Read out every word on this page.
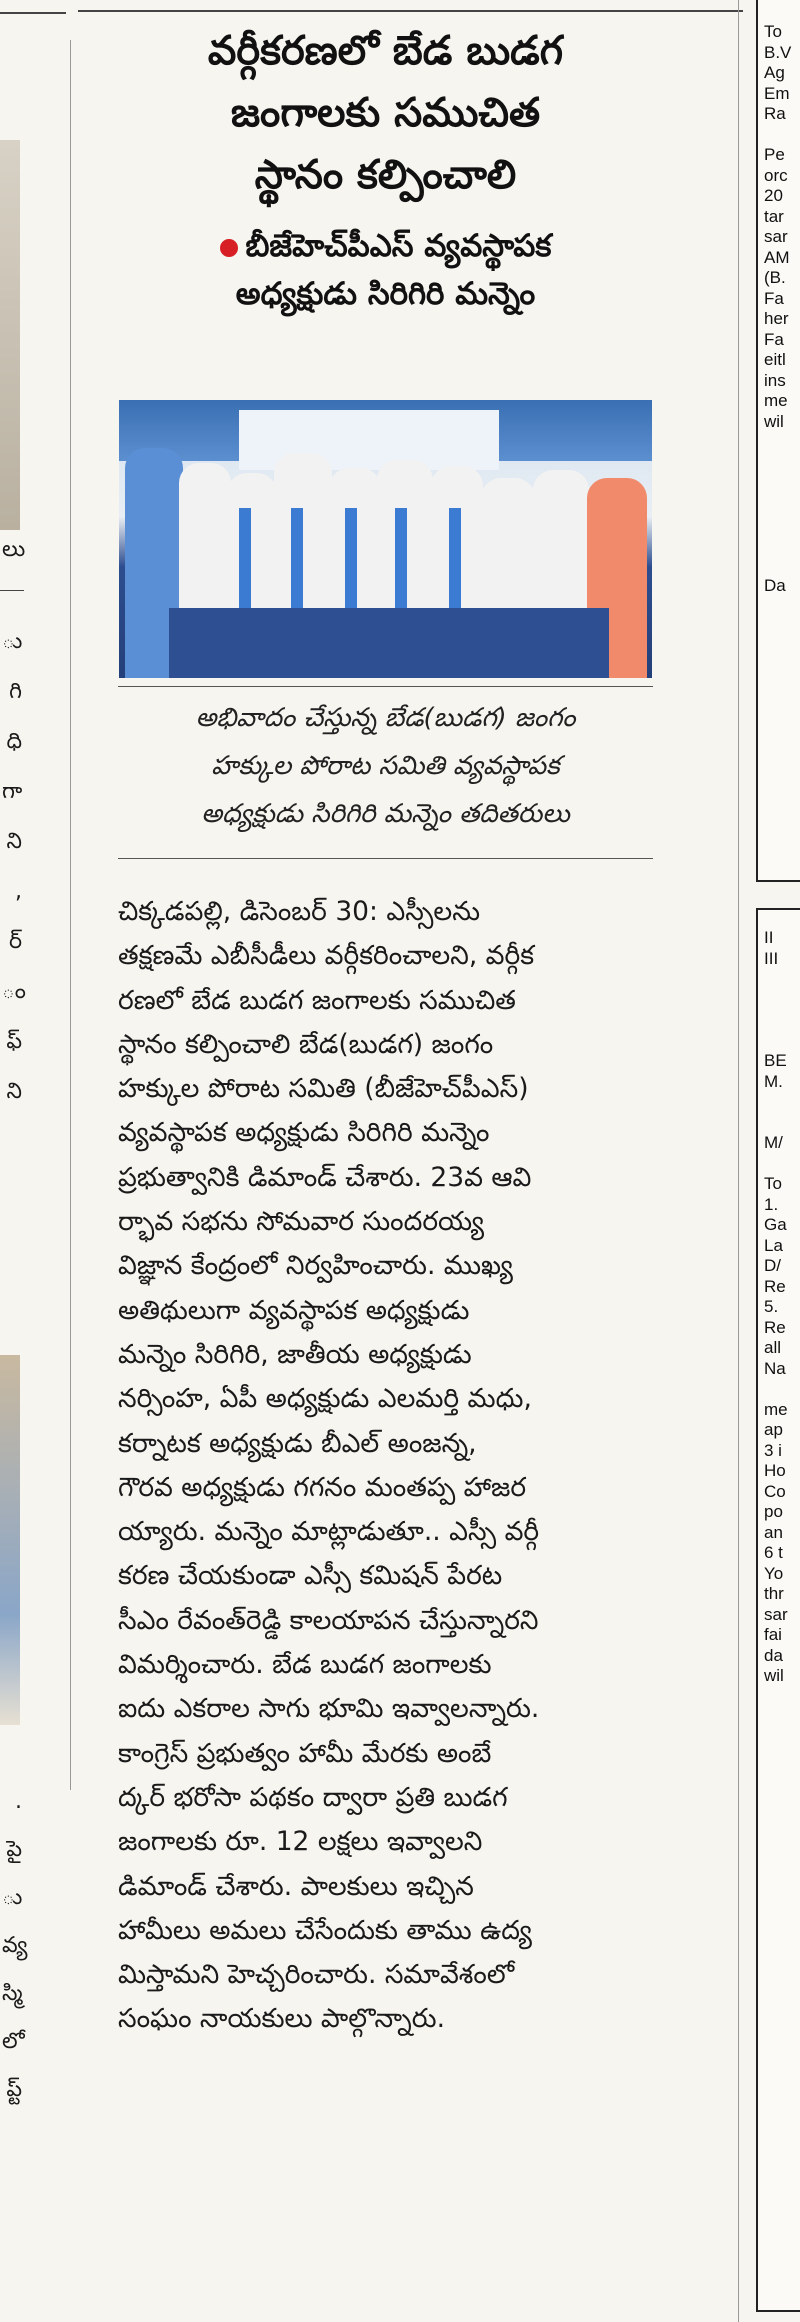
లు
ు
గి
ధి
గా
ని
,
ర్
ం
ఫ్
ని
.
పై
ు
వ్య
స్మి
లో
ప్ట్
వర్గీకరణలో బేడ బుడగ
జంగాలకు సముచిత
స్థానం కల్పించాలి
బీజేహెచ్‌పీఎస్ వ్యవస్థాపక
అధ్యక్షుడు సిరిగిరి మన్నెం
అభివాదం చేస్తున్న బేడ(బుడగ) జంగం
హక్కుల పోరాట సమితి వ్యవస్థాపక
అధ్యక్షుడు సిరిగిరి మన్నెం తదితరులు
చిక్కడపల్లి, డిసెంబర్ 30: ఎస్సీలను
తక్షణమే ఎబీసీడీలు వర్గీకరించాలని, వర్గీక
రణలో బేడ బుడగ జంగాలకు సముచిత
స్థానం కల్పించాలి బేడ(బుడగ) జంగం
హక్కుల పోరాట సమితి (బీజేహెచ్‌పీఎస్)
వ్యవస్థాపక అధ్యక్షుడు సిరిగిరి మన్నెం
ప్రభుత్వానికి డిమాండ్ చేశారు. 23వ ఆవి
ర్భావ సభను సోమవార సుందరయ్య
విజ్ఞాన కేంద్రంలో నిర్వహించారు. ముఖ్య
అతిథులుగా వ్యవస్థాపక అధ్యక్షుడు
మన్నెం సిరిగిరి, జాతీయ అధ్యక్షుడు
నర్సింహ, ఏపీ అధ్యక్షుడు ఎలమర్తి మధు,
కర్నాటక అధ్యక్షుడు బీఎల్ అంజన్న,
గౌరవ అధ్యక్షుడు గగనం మంతప్ప హాజర
య్యారు. మన్నెం మాట్లాడుతూ.. ఎస్సీ వర్గీ
కరణ చేయకుండా ఎస్సీ కమిషన్ పేరట
సీఎం రేవంత్‌రెడ్డి కాలయాపన చేస్తున్నారని
విమర్శించారు. బేడ బుడగ జంగాలకు
ఐదు ఎకరాల సాగు భూమి ఇవ్వాలన్నారు.
కాంగ్రెస్ ప్రభుత్వం హామీ మేరకు అంబే
ద్కర్ భరోసా పథకం ద్వారా ప్రతి బుడగ
జంగాలకు రూ. 12 లక్షలు ఇవ్వాలని
డిమాండ్ చేశారు. పాలకులు ఇచ్చిన
హామీలు అమలు చేసేందుకు తాము ఉద్య
మిస్తామని హెచ్చరించారు. సమావేశంలో
సంఘం నాయకులు పాల్గొన్నారు.
To
B.V
Ag
Em
Ra
Pe
orc
20
tar
sar
AM
(B.
Fa
her
Fa
eitl
ins
me
wil
Da
II
III
BE
M.
M/
To
1.
Ga
La
D/
Re
5.
Re
all
Na
me
ap
3 i
Ho
Co
po
an
6 t
Yo
thr
sar
fai
da
wil
